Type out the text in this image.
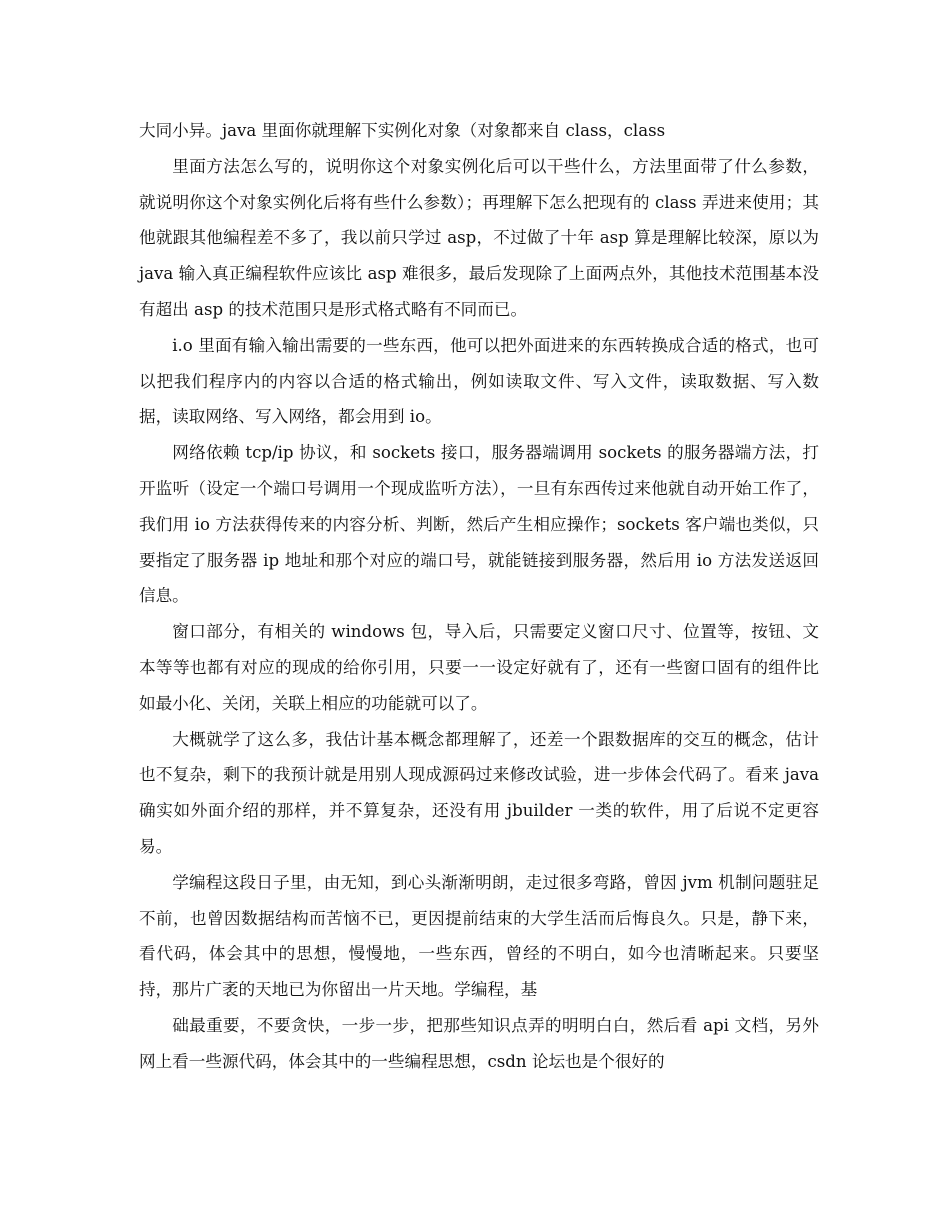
大同小异。java 里面你就理解下实例化对象（对象都来自 class，class

里面方法怎么写的，说明你这个对象实例化后可以干些什么，方法里面带了什么参数，就说明你这个对象实例化后将有些什么参数）；再理解下怎么把现有的 class 弄进来使用；其他就跟其他编程差不多了，我以前只学过 asp，不过做了十年 asp 算是理解比较深，原以为 java 输入真正编程软件应该比 asp 难很多，最后发现除了上面两点外，其他技术范围基本没有超出 asp 的技术范围只是形式格式略有不同而已。

i.o 里面有输入输出需要的一些东西，他可以把外面进来的东西转换成合适的格式，也可以把我们程序内的内容以合适的格式输出，例如读取文件、写入文件，读取数据、写入数据，读取网络、写入网络，都会用到 io。

网络依赖 tcp/ip 协议，和 sockets 接口，服务器端调用 sockets 的服务器端方法，打开监听（设定一个端口号调用一个现成监听方法），一旦有东西传过来他就自动开始工作了，我们用 io 方法获得传来的内容分析、判断，然后产生相应操作；sockets 客户端也类似，只要指定了服务器 ip 地址和那个对应的端口号，就能链接到服务器，然后用 io 方法发送返回信息。

窗口部分，有相关的 windows 包，导入后，只需要定义窗口尺寸、位置等，按钮、文本等等也都有对应的现成的给你引用，只要一一设定好就有了，还有一些窗口固有的组件比如最小化、关闭，关联上相应的功能就可以了。

大概就学了这么多，我估计基本概念都理解了，还差一个跟数据库的交互的概念，估计也不复杂，剩下的我预计就是用别人现成源码过来修改试验，进一步体会代码了。看来 java 确实如外面介绍的那样，并不算复杂，还没有用 jbuilder 一类的软件，用了后说不定更容易。

学编程这段日子里，由无知，到心头渐渐明朗，走过很多弯路，曾因 jvm 机制问题驻足不前，也曾因数据结构而苦恼不已，更因提前结束的大学生活而后悔良久。只是，静下来，看代码，体会其中的思想，慢慢地，一些东西，曾经的不明白，如今也清晰起来。只要坚持，那片广袤的天地已为你留出一片天地。学编程，基

础最重要，不要贪快，一步一步，把那些知识点弄的明明白白，然后看 api 文档，另外网上看一些源代码，体会其中的一些编程思想，csdn 论坛也是个很好的
